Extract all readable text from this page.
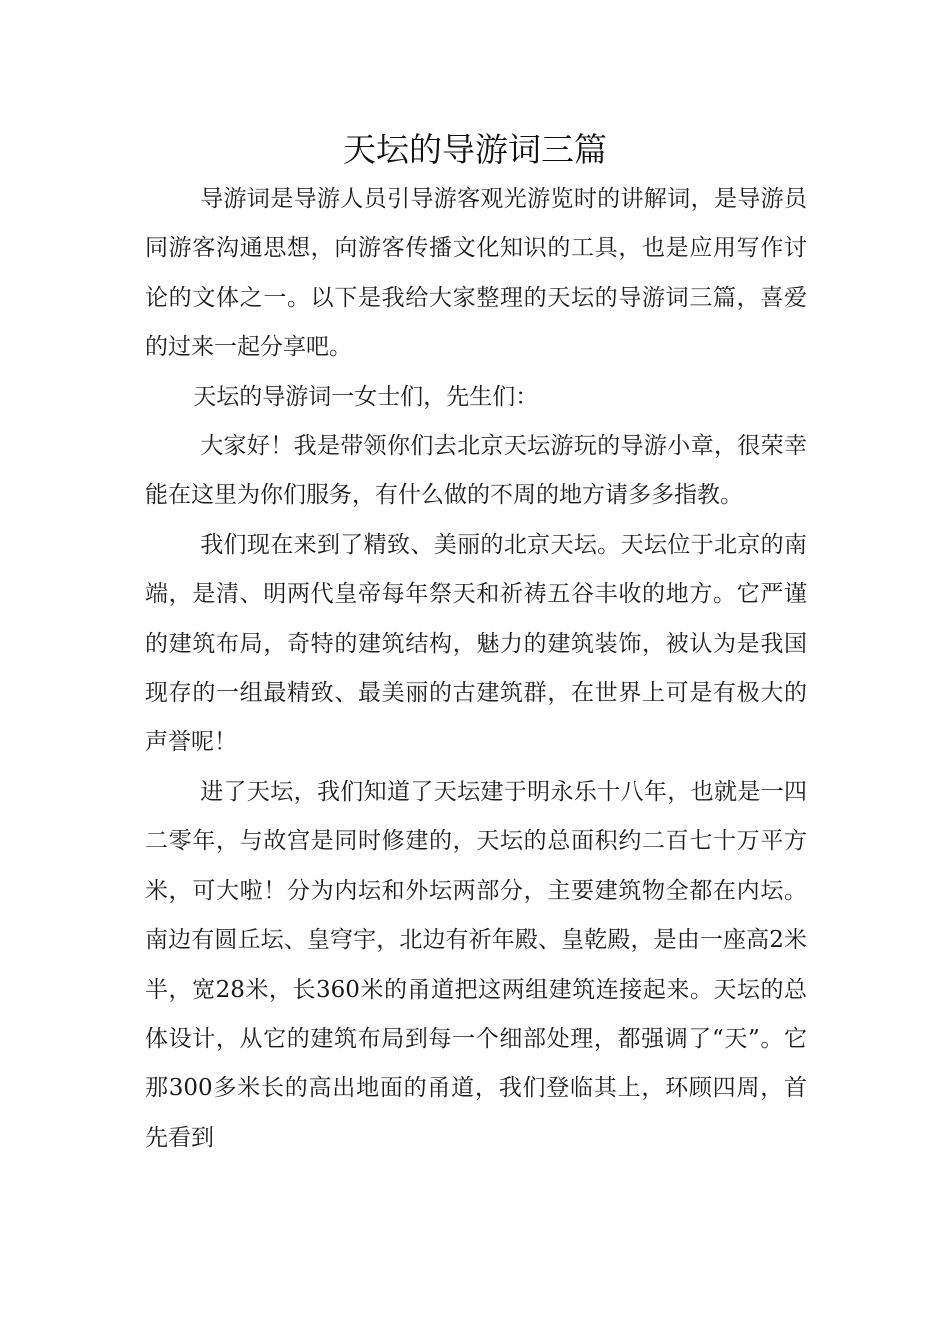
天坛的导游词三篇

导游词是导游人员引导游客观光游览时的讲解词，是导游员同游客沟通思想，向游客传播文化知识的工具，也是应用写作讨论的文体之一。以下是我给大家整理的天坛的导游词三篇，喜爱的过来一起分享吧。

天坛的导游词一女士们，先生们：

大家好！我是带领你们去北京天坛游玩的导游小章，很荣幸能在这里为你们服务，有什么做的不周的地方请多多指教。

我们现在来到了精致、美丽的北京天坛。天坛位于北京的南端，是清、明两代皇帝每年祭天和祈祷五谷丰收的地方。它严谨的建筑布局，奇特的建筑结构，魅力的建筑装饰，被认为是我国现存的一组最精致、最美丽的古建筑群，在世界上可是有极大的声誉呢！

进了天坛，我们知道了天坛建于明永乐十八年，也就是一四二零年，与故宫是同时修建的，天坛的总面积约二百七十万平方米，可大啦！分为内坛和外坛两部分，主要建筑物全都在内坛。南边有圆丘坛、皇穹宇，北边有祈年殿、皇乾殿，是由一座高2米半，宽28米，长360米的甬道把这两组建筑连接起来。天坛的总体设计，从它的建筑布局到每一个细部处理，都强调了“天”。它那300多米长的高出地面的甬道，我们登临其上，环顾四周，首先看到
